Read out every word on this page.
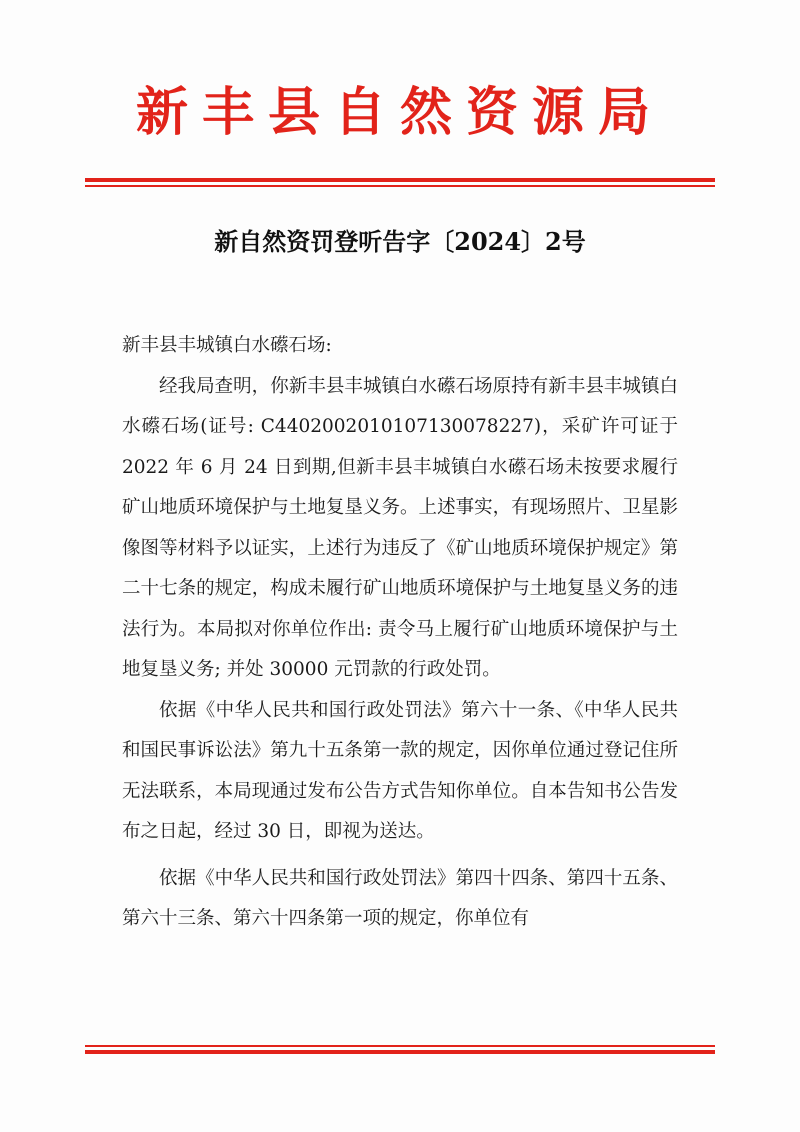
新丰县自然资源局
新自然资罚登听告字〔2024〕2号

新丰县丰城镇白水礤石场:

经我局查明，你新丰县丰城镇白水礤石场原持有新丰县丰城镇白水礤石场(证号: C4402002010107130078227)，采矿许可证于 2022 年 6 月 24 日到期,但新丰县丰城镇白水礤石场未按要求履行矿山地质环境保护与土地复垦义务。上述事实，有现场照片、卫星影像图等材料予以证实，上述行为违反了《矿山地质环境保护规定》第二十七条的规定，构成未履行矿山地质环境保护与土地复垦义务的违法行为。本局拟对你单位作出: 责令马上履行矿山地质环境保护与土地复垦义务; 并处 30000 元罚款的行政处罚。

依据《中华人民共和国行政处罚法》第六十一条、《中华人民共和国民事诉讼法》第九十五条第一款的规定，因你单位通过登记住所无法联系，本局现通过发布公告方式告知你单位。自本告知书公告发布之日起，经过 30 日，即视为送达。

依据《中华人民共和国行政处罚法》第四十四条、第四十五条、第六十三条、第六十四条第一项的规定，你单位有
